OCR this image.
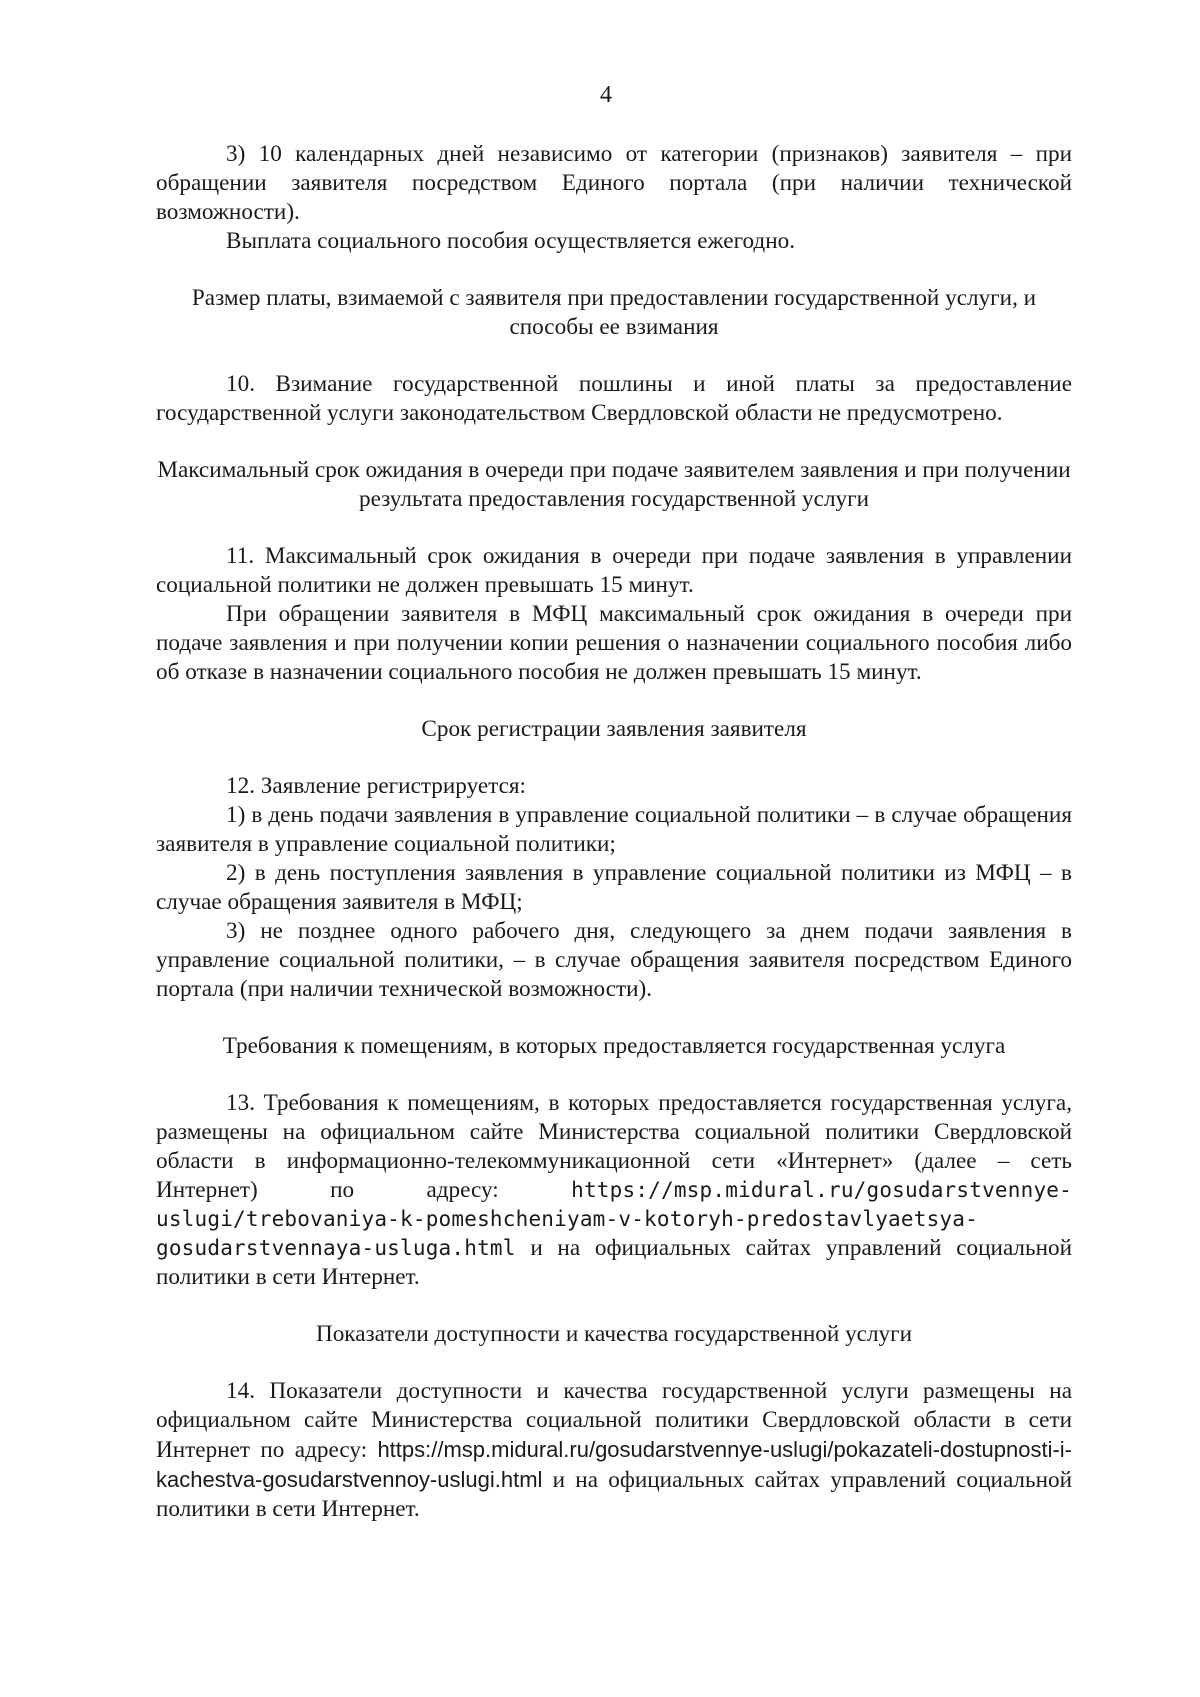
4

3) 10 календарных дней независимо от категории (признаков) заявителя – при обращении заявителя посредством Единого портала (при наличии технической возможности).

Выплата социального пособия осуществляется ежегодно.

Размер платы, взимаемой с заявителя при предоставлении государственной услуги, и способы ее взимания

10. Взимание государственной пошлины и иной платы за предоставление государственной услуги законодательством Свердловской области не предусмотрено.

Максимальный срок ожидания в очереди при подаче заявителем заявления и при получении результата предоставления государственной услуги

11. Максимальный срок ожидания в очереди при подаче заявления в управлении социальной политики не должен превышать 15 минут.

При обращении заявителя в МФЦ максимальный срок ожидания в очереди при подаче заявления и при получении копии решения о назначении социального пособия либо об отказе в назначении социального пособия не должен превышать 15 минут.

Срок регистрации заявления заявителя

12. Заявление регистрируется:

1) в день подачи заявления в управление социальной политики – в случае обращения заявителя в управление социальной политики;

2) в день поступления заявления в управление социальной политики из МФЦ – в случае обращения заявителя в МФЦ;

3) не позднее одного рабочего дня, следующего за днем подачи заявления в управление социальной политики, – в случае обращения заявителя посредством Единого портала (при наличии технической возможности).

Требования к помещениям, в которых предоставляется государственная услуга

13. Требования к помещениям, в которых предоставляется государственная услуга, размещены на официальном сайте Министерства социальной политики Свердловской области в информационно-телекоммуникационной сети «Интернет» (далее – сеть Интернет) по адресу: https://msp.midural.ru/gosudarstvennye-uslugi/trebovaniya-k-pomeshcheniyam-v-kotoryh-predostavlyaetsya-gosudarstvennaya-usluga.html и на официальных сайтах управлений социальной политики в сети Интернет.

Показатели доступности и качества государственной услуги

14. Показатели доступности и качества государственной услуги размещены на официальном сайте Министерства социальной политики Свердловской области в сети Интернет по адресу: https://msp.midural.ru/gosudarstvennye-uslugi/pokazateli-dostupnosti-i-kachestva-gosudarstvennoy-uslugi.html и на официальных сайтах управлений социальной политики в сети Интернет.
